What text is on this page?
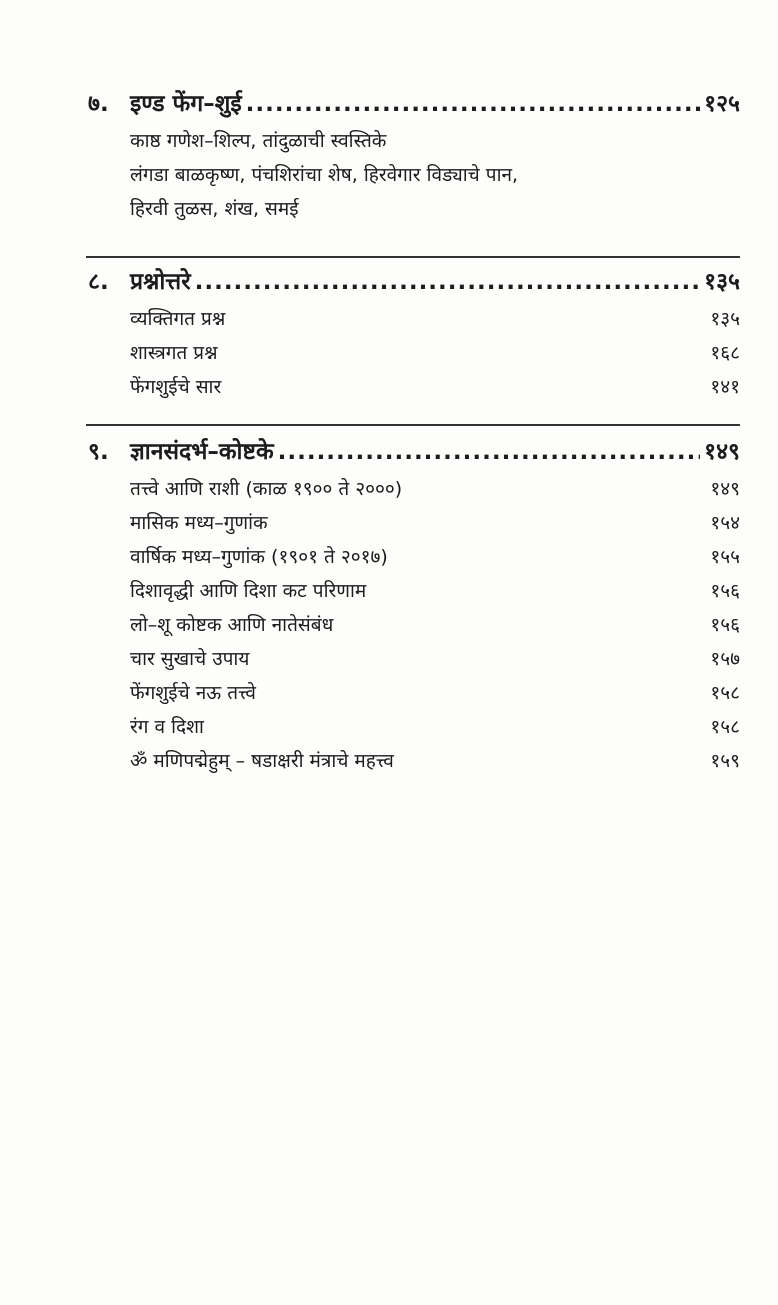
७. इण्ड फेंग–शुई .....	१२५
काष्ठ गणेश–शिल्प, तांदुळाची स्वस्तिके
लंगडा बाळकृष्ण, पंचशिरांचा शेष, हिरवेगार विड्याचे पान,
हिरवी तुळस, शंख, समई
८. प्रश्नोत्तरे .....	१३५
व्यक्तिगत प्रश्न	१३५
शास्त्रगत प्रश्न	१६८
फेंगशुईचे सार	१४१
९. ज्ञानसंदर्भ–कोष्टके .....	१४९
तत्त्वे आणि राशी (काळ १९०० ते २०००)	१४९
मासिक मध्य–गुणांक	१५४
वार्षिक मध्य–गुणांक (१९०१ ते २०१७)	१५५
दिशावृद्धी आणि दिशा कट परिणाम	१५६
लो–शू कोष्टक आणि नातेसंबंध	१५६
चार सुखाचे उपाय	१५७
फेंगशुईचे नऊ तत्त्वे	१५८
रंग व दिशा	१५८
ॐ मणिपद्मेहुम् – षडाक्षरी मंत्राचे महत्त्व	१५९
